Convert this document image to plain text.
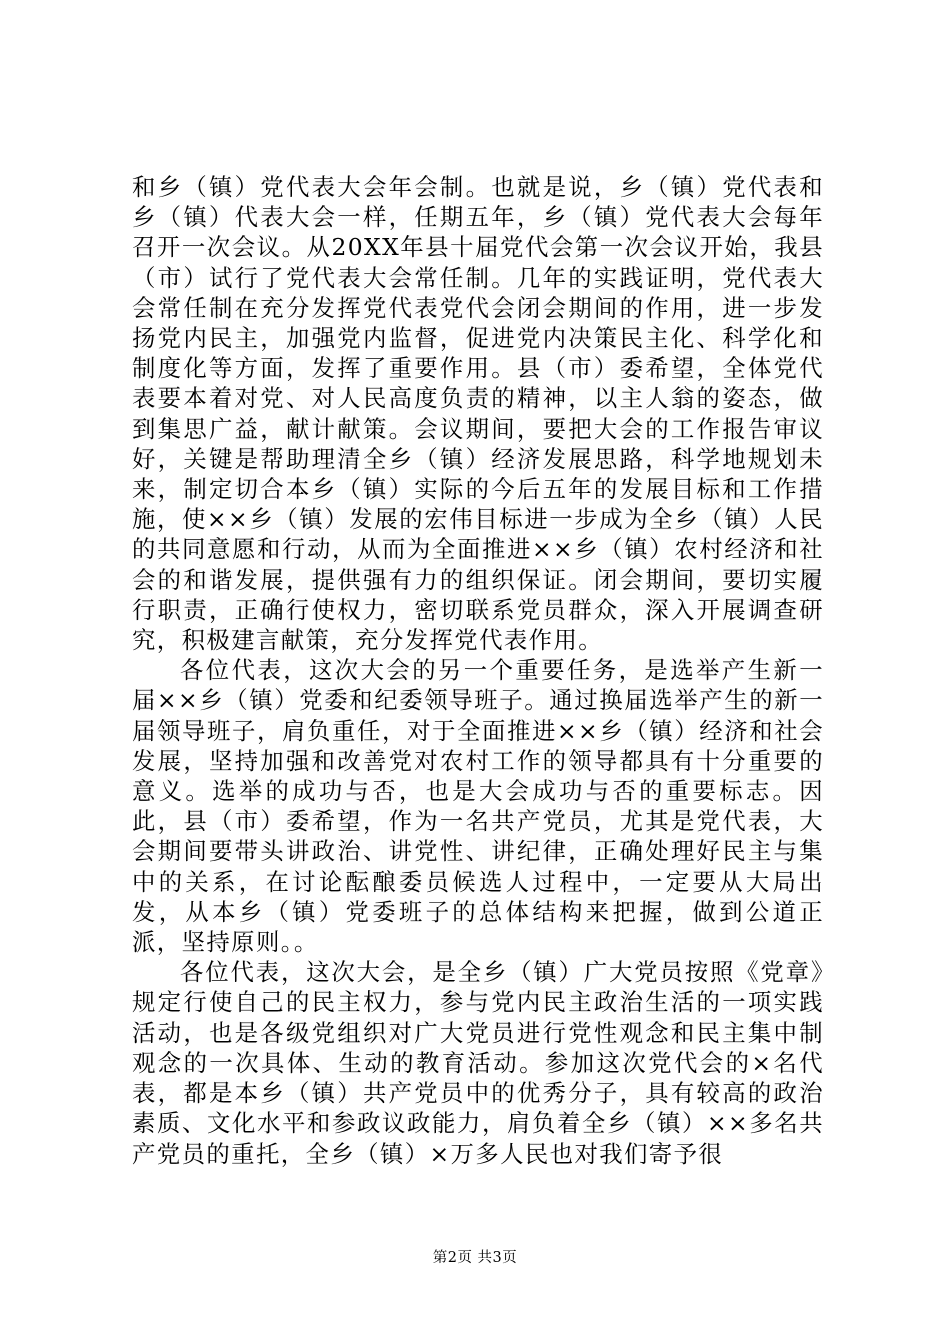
和乡（镇）党代表大会年会制。也就是说，乡（镇）党代表和乡（镇）代表大会一样，任期五年，乡（镇）党代表大会每年召开一次会议。从20XX年县十届党代会第一次会议开始，我县（市）试行了党代表大会常任制。几年的实践证明，党代表大会常任制在充分发挥党代表党代会闭会期间的作用，进一步发扬党内民主，加强党内监督，促进党内决策民主化、科学化和制度化等方面，发挥了重要作用。县（市）委希望，全体党代表要本着对党、对人民高度负责的精神，以主人翁的姿态，做到集思广益，献计献策。会议期间，要把大会的工作报告审议好，关键是帮助理清全乡（镇）经济发展思路，科学地规划未来，制定切合本乡（镇）实际的今后五年的发展目标和工作措施，使××乡（镇）发展的宏伟目标进一步成为全乡（镇）人民的共同意愿和行动，从而为全面推进××乡（镇）农村经济和社会的和谐发展，提供强有力的组织保证。闭会期间，要切实履行职责，正确行使权力，密切联系党员群众，深入开展调查研究，积极建言献策，充分发挥党代表作用。

各位代表，这次大会的另一个重要任务，是选举产生新一届××乡（镇）党委和纪委领导班子。通过换届选举产生的新一届领导班子，肩负重任，对于全面推进××乡（镇）经济和社会发展，坚持加强和改善党对农村工作的领导都具有十分重要的意义。选举的成功与否，也是大会成功与否的重要标志。因此，县（市）委希望，作为一名共产党员，尤其是党代表，大会期间要带头讲政治、讲党性、讲纪律，正确处理好民主与集中的关系，在讨论酝酿委员候选人过程中，一定要从大局出发，从本乡（镇）党委班子的总体结构来把握，做到公道正派，坚持原则。。

各位代表，这次大会，是全乡（镇）广大党员按照《党章》规定行使自己的民主权力，参与党内民主政治生活的一项实践活动，也是各级党组织对广大党员进行党性观念和民主集中制观念的一次具体、生动的教育活动。参加这次党代会的×名代表，都是本乡（镇）共产党员中的优秀分子，具有较高的政治素质、文化水平和参政议政能力，肩负着全乡（镇）××多名共产党员的重托，全乡（镇）×万多人民也对我们寄予很

第2页 共3页
